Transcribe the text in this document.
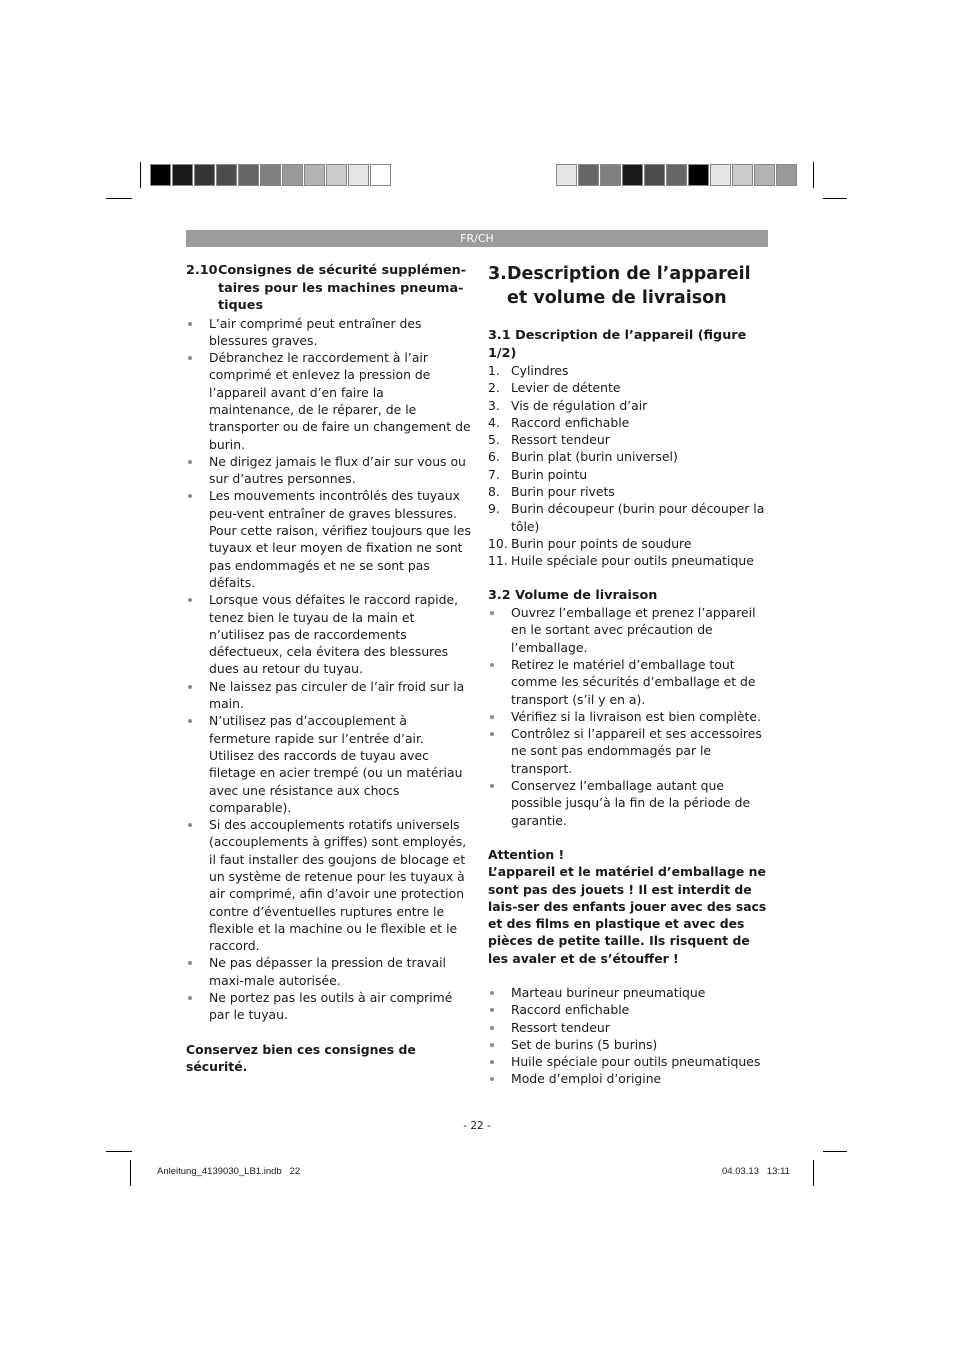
FR/CH
2.10 Consignes de sécurité supplémen-taires pour les machines pneuma-tiques
L’air comprimé peut entraîner des blessures graves.
Débranchez le raccordement à l’air comprimé et enlevez la pression de l’appareil avant d’en faire la maintenance, de le réparer, de le transporter ou de faire un changement de burin.
Ne dirigez jamais le flux d’air sur vous ou sur d’autres personnes.
Les mouvements incontrôlés des tuyaux peu-vent entraîner de graves blessures. Pour cette raison, vérifiez toujours que les tuyaux et leur moyen de fixation ne sont pas endommagés et ne se sont pas défaits.
Lorsque vous défaites le raccord rapide, tenez bien le tuyau de la main et n’utilisez pas de raccordements défectueux, cela évitera des blessures dues au retour du tuyau.
Ne laissez pas circuler de l’air froid sur la main.
N’utilisez pas d’accouplement à fermeture rapide sur l’entrée d’air. Utilisez des raccords de tuyau avec filetage en acier trempé (ou un matériau avec une résistance aux chocs comparable).
Si des accouplements rotatifs universels (accouplements à griffes) sont employés, il faut installer des goujons de blocage et un système de retenue pour les tuyaux à air comprimé, afin d’avoir une protection contre d’éventuelles ruptures entre le flexible et la machine ou le flexible et le raccord.
Ne pas dépasser la pression de travail maxi-male autorisée.
Ne portez pas les outils à air comprimé par le tuyau.
Conservez bien ces consignes de sécurité.
3. Description de l’appareil et volume de livraison
3.1 Description de l’appareil (figure 1/2)
1. Cylindres
2. Levier de détente
3. Vis de régulation d’air
4. Raccord enfichable
5. Ressort tendeur
6. Burin plat (burin universel)
7. Burin pointu
8. Burin pour rivets
9. Burin découpeur (burin pour découper la tôle)
10. Burin pour points de soudure
11. Huile spéciale pour outils pneumatique
3.2 Volume de livraison
Ouvrez l’emballage et prenez l’appareil en le sortant avec précaution de l’emballage.
Retirez le matériel d’emballage tout comme les sécurités d’emballage et de transport (s’il y en a).
Vérifiez si la livraison est bien complète.
Contrôlez si l’appareil et ses accessoires ne sont pas endommagés par le transport.
Conservez l’emballage autant que possible jusqu’à la fin de la période de garantie.
Attention !
L’appareil et le matériel d’emballage ne sont pas des jouets ! Il est interdit de lais-ser des enfants jouer avec des sacs et des films en plastique et avec des pièces de petite taille. Ils risquent de les avaler et de s’étouffer !
Marteau burineur pneumatique
Raccord enfichable
Ressort tendeur
Set de burins (5 burins)
Huile spéciale pour outils pneumatiques
Mode d’emploi d’origine
- 22 -
Anleitung_4139030_LB1.indb   22	04.03.13   13:11
